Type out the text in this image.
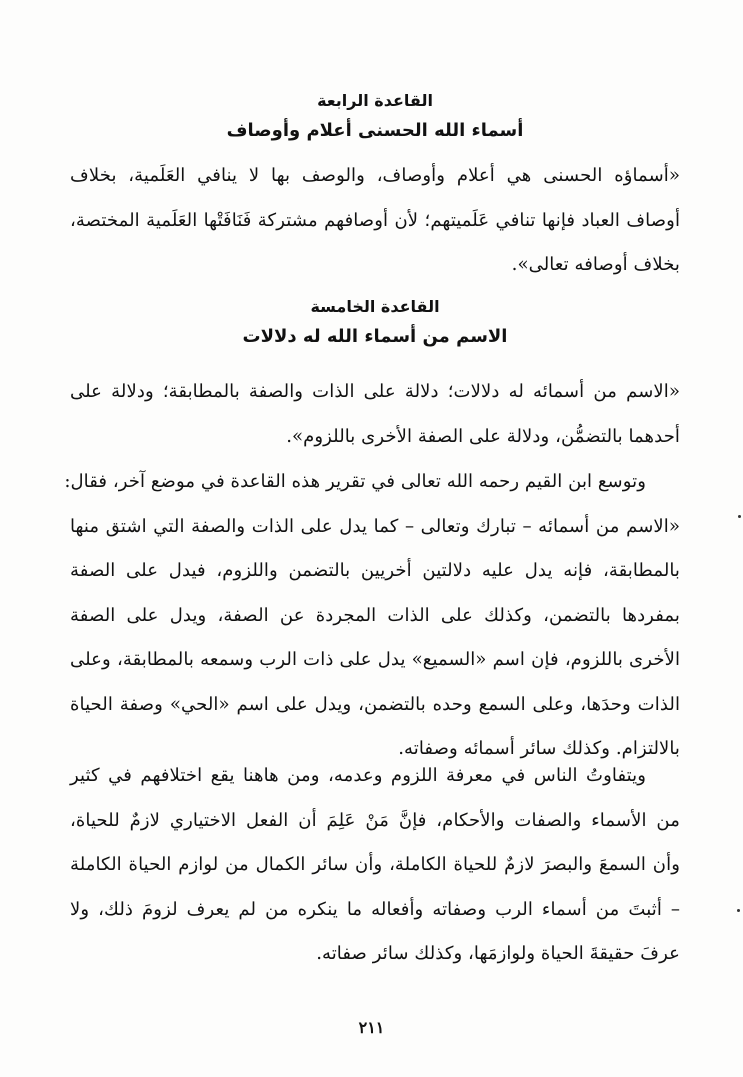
القاعدة الرابعة

أسماء الله الحسنى أعلام وأوصاف

«أسماؤه الحسنى هي أعلام وأوصاف، والوصف بها لا ينافي العَلَمية، بخلاف
أوصاف العباد فإنها تنافي عَلَميتهم؛ لأن أوصافهم مشتركة فَنَافَتْها العَلَمية المختصة،
بخلاف أوصافه تعالى».

القاعدة الخامسة

الاسم من أسماء الله له دلالات

«الاسم من أسمائه له دلالات؛ دلالة على الذات والصفة بالمطابقة؛ ودلالة على
أحدهما بالتضمُّن، ودلالة على الصفة الأخرى باللزوم».
وتوسع ابن القيم رحمه الله تعالى في تقرير هذه القاعدة في موضع آخر، فقال:
«الاسم من أسمائه – تبارك وتعالى – كما يدل على الذات والصفة التي اشتق منها
بالمطابقة، فإنه يدل عليه دلالتين أخريين بالتضمن واللزوم، فيدل على الصفة
بمفردها بالتضمن، وكذلك على الذات المجردة عن الصفة، ويدل على الصفة
الأخرى باللزوم، فإن اسم «السميع» يدل على ذات الرب وسمعه بالمطابقة، وعلى
الذات وحدَها، وعلى السمع وحده بالتضمن، ويدل على اسم «الحي» وصفة الحياة
بالالتزام. وكذلك سائر أسمائه وصفاته.
ويتفاوتُ الناس في معرفة اللزوم وعدمه، ومن هاهنا يقع اختلافهم في كثير
من الأسماء والصفات والأحكام، فإنَّ مَنْ عَلِمَ أن الفعل الاختياري لازمٌ للحياة،
وأن السمعَ والبصرَ لازمٌ للحياة الكاملة، وأن سائر الكمال من لوازم الحياة الكاملة
– أثبتَ من أسماء الرب وصفاته وأفعاله ما ينكره من لم يعرف لزومَ ذلك، ولا
عرفَ حقيقةَ الحياة ولوازمَها، وكذلك سائر صفاته.
٢١١
